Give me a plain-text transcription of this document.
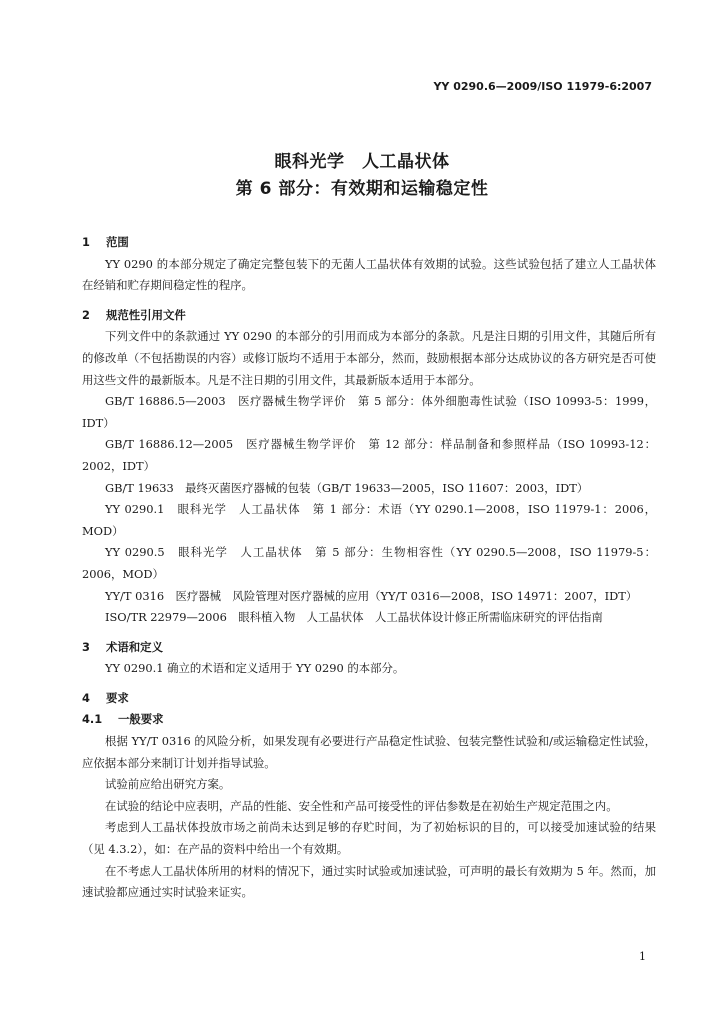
YY 0290.6—2009/ISO 11979-6:2007
眼科光学　人工晶状体
第 6 部分：有效期和运输稳定性

1 范围

YY 0290 的本部分规定了确定完整包装下的无菌人工晶状体有效期的试验。这些试验包括了建立人工晶状体在经销和贮存期间稳定性的程序。

2 规范性引用文件

下列文件中的条款通过 YY 0290 的本部分的引用而成为本部分的条款。凡是注日期的引用文件，其随后所有的修改单（不包括勘误的内容）或修订版均不适用于本部分，然而，鼓励根据本部分达成协议的各方研究是否可使用这些文件的最新版本。凡是不注日期的引用文件，其最新版本适用于本部分。

GB/T 16886.5—2003　医疗器械生物学评价　第 5 部分：体外细胞毒性试验（ISO 10993-5：1999，IDT）

GB/T 16886.12—2005　医疗器械生物学评价　第 12 部分：样品制备和参照样品（ISO 10993-12：2002，IDT）

GB/T 19633　最终灭菌医疗器械的包装（GB/T 19633—2005，ISO 11607：2003，IDT）

YY 0290.1　眼科光学　人工晶状体　第 1 部分：术语（YY 0290.1—2008，ISO 11979-1：2006，MOD）

YY 0290.5　眼科光学　人工晶状体　第 5 部分：生物相容性（YY 0290.5—2008，ISO 11979-5：2006，MOD）

YY/T 0316　医疗器械　风险管理对医疗器械的应用（YY/T 0316—2008，ISO 14971：2007，IDT）

ISO/TR 22979—2006　眼科植入物　人工晶状体　人工晶状体设计修正所需临床研究的评估指南

3 术语和定义

YY 0290.1 确立的术语和定义适用于 YY 0290 的本部分。

4 要求

4.1 一般要求

根据 YY/T 0316 的风险分析，如果发现有必要进行产品稳定性试验、包装完整性试验和/或运输稳定性试验，应依据本部分来制订计划并指导试验。

试验前应给出研究方案。

在试验的结论中应表明，产品的性能、安全性和产品可接受性的评估参数是在初始生产规定范围之内。

考虑到人工晶状体投放市场之前尚未达到足够的存贮时间，为了初始标识的目的，可以接受加速试验的结果（见 4.3.2），如：在产品的资料中给出一个有效期。

在不考虑人工晶状体所用的材料的情况下，通过实时试验或加速试验，可声明的最长有效期为 5 年。然而，加速试验都应通过实时试验来证实。

1
